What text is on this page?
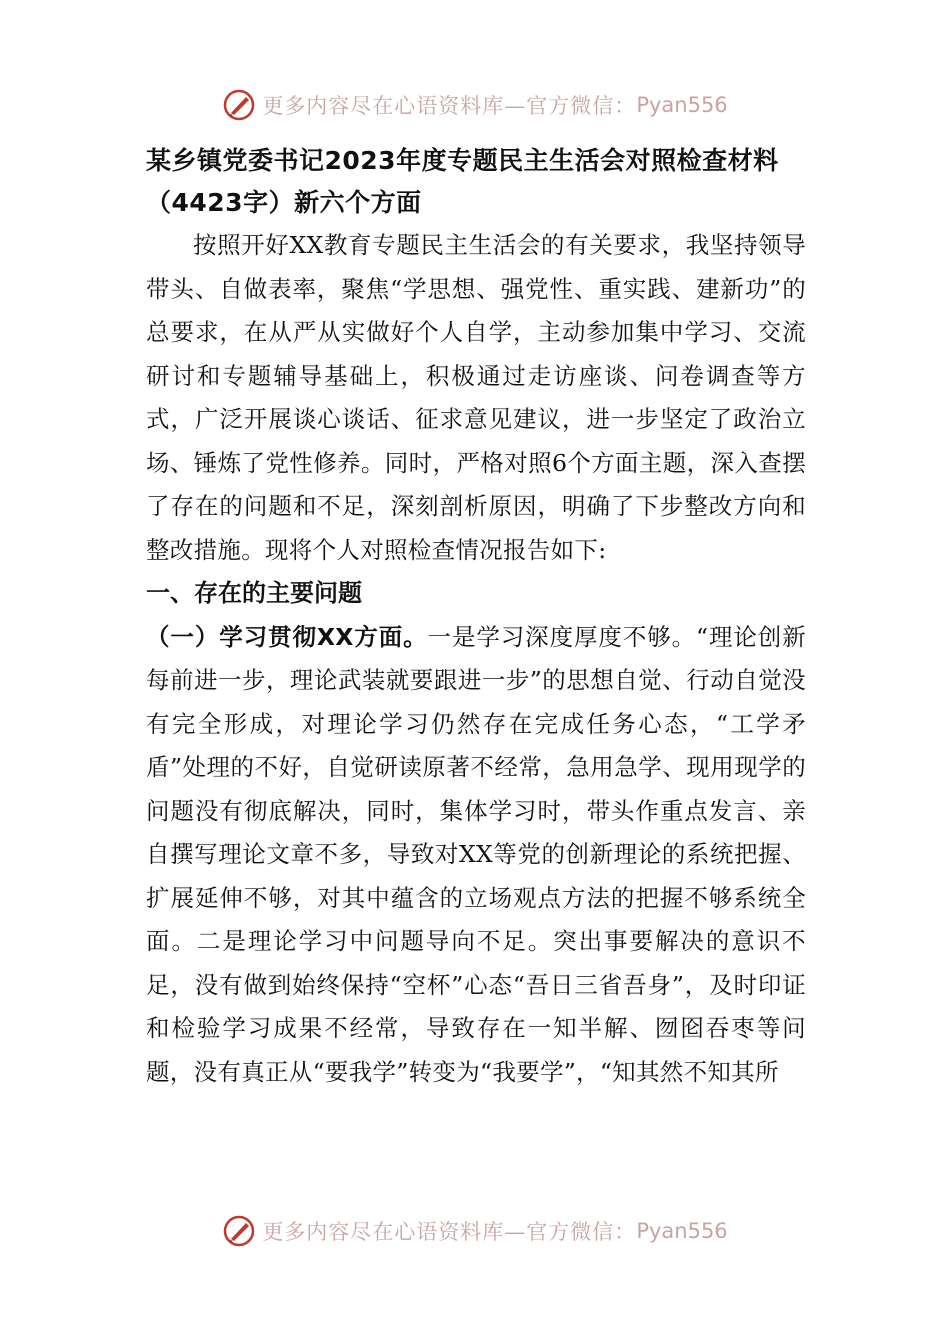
更多内容尽在心语资料库—官方微信： Pyan556

某乡镇党委书记2023年度专题民主生活会对照检查材料（4423字）新六个方面

按照开好XX教育专题民主生活会的有关要求，我坚持领导带头、自做表率，聚焦“学思想、强党性、重实践、建新功”的总要求，在从严从实做好个人自学，主动参加集中学习、交流研讨和专题辅导基础上，积极通过走访座谈、问卷调查等方式，广泛开展谈心谈话、征求意见建议，进一步坚定了政治立场、锤炼了党性修养。同时，严格对照6个方面主题，深入查摆了存在的问题和不足，深刻剖析原因，明确了下步整改方向和整改措施。现将个人对照检查情况报告如下:

一、存在的主要问题

（一）学习贯彻XX方面。一是学习深度厚度不够。“理论创新每前进一步，理论武装就要跟进一步”的思想自觉、行动自觉没有完全形成，对理论学习仍然存在完成任务心态，“工学矛盾”处理的不好，自觉研读原著不经常，急用急学、现用现学的问题没有彻底解决，同时，集体学习时，带头作重点发言、亲自撰写理论文章不多，导致对XX等党的创新理论的系统把握、扩展延伸不够，对其中蕴含的立场观点方法的把握不够系统全面。二是理论学习中问题导向不足。突出事要解决的意识不足，没有做到始终保持“空杯”心态“吾日三省吾身”，及时印证和检验学习成果不经常，导致存在一知半解、囫囵吞枣等问题，没有真正从“要我学”转变为“我要学”，“知其然不知其所

更多内容尽在心语资料库—官方微信： Pyan556
